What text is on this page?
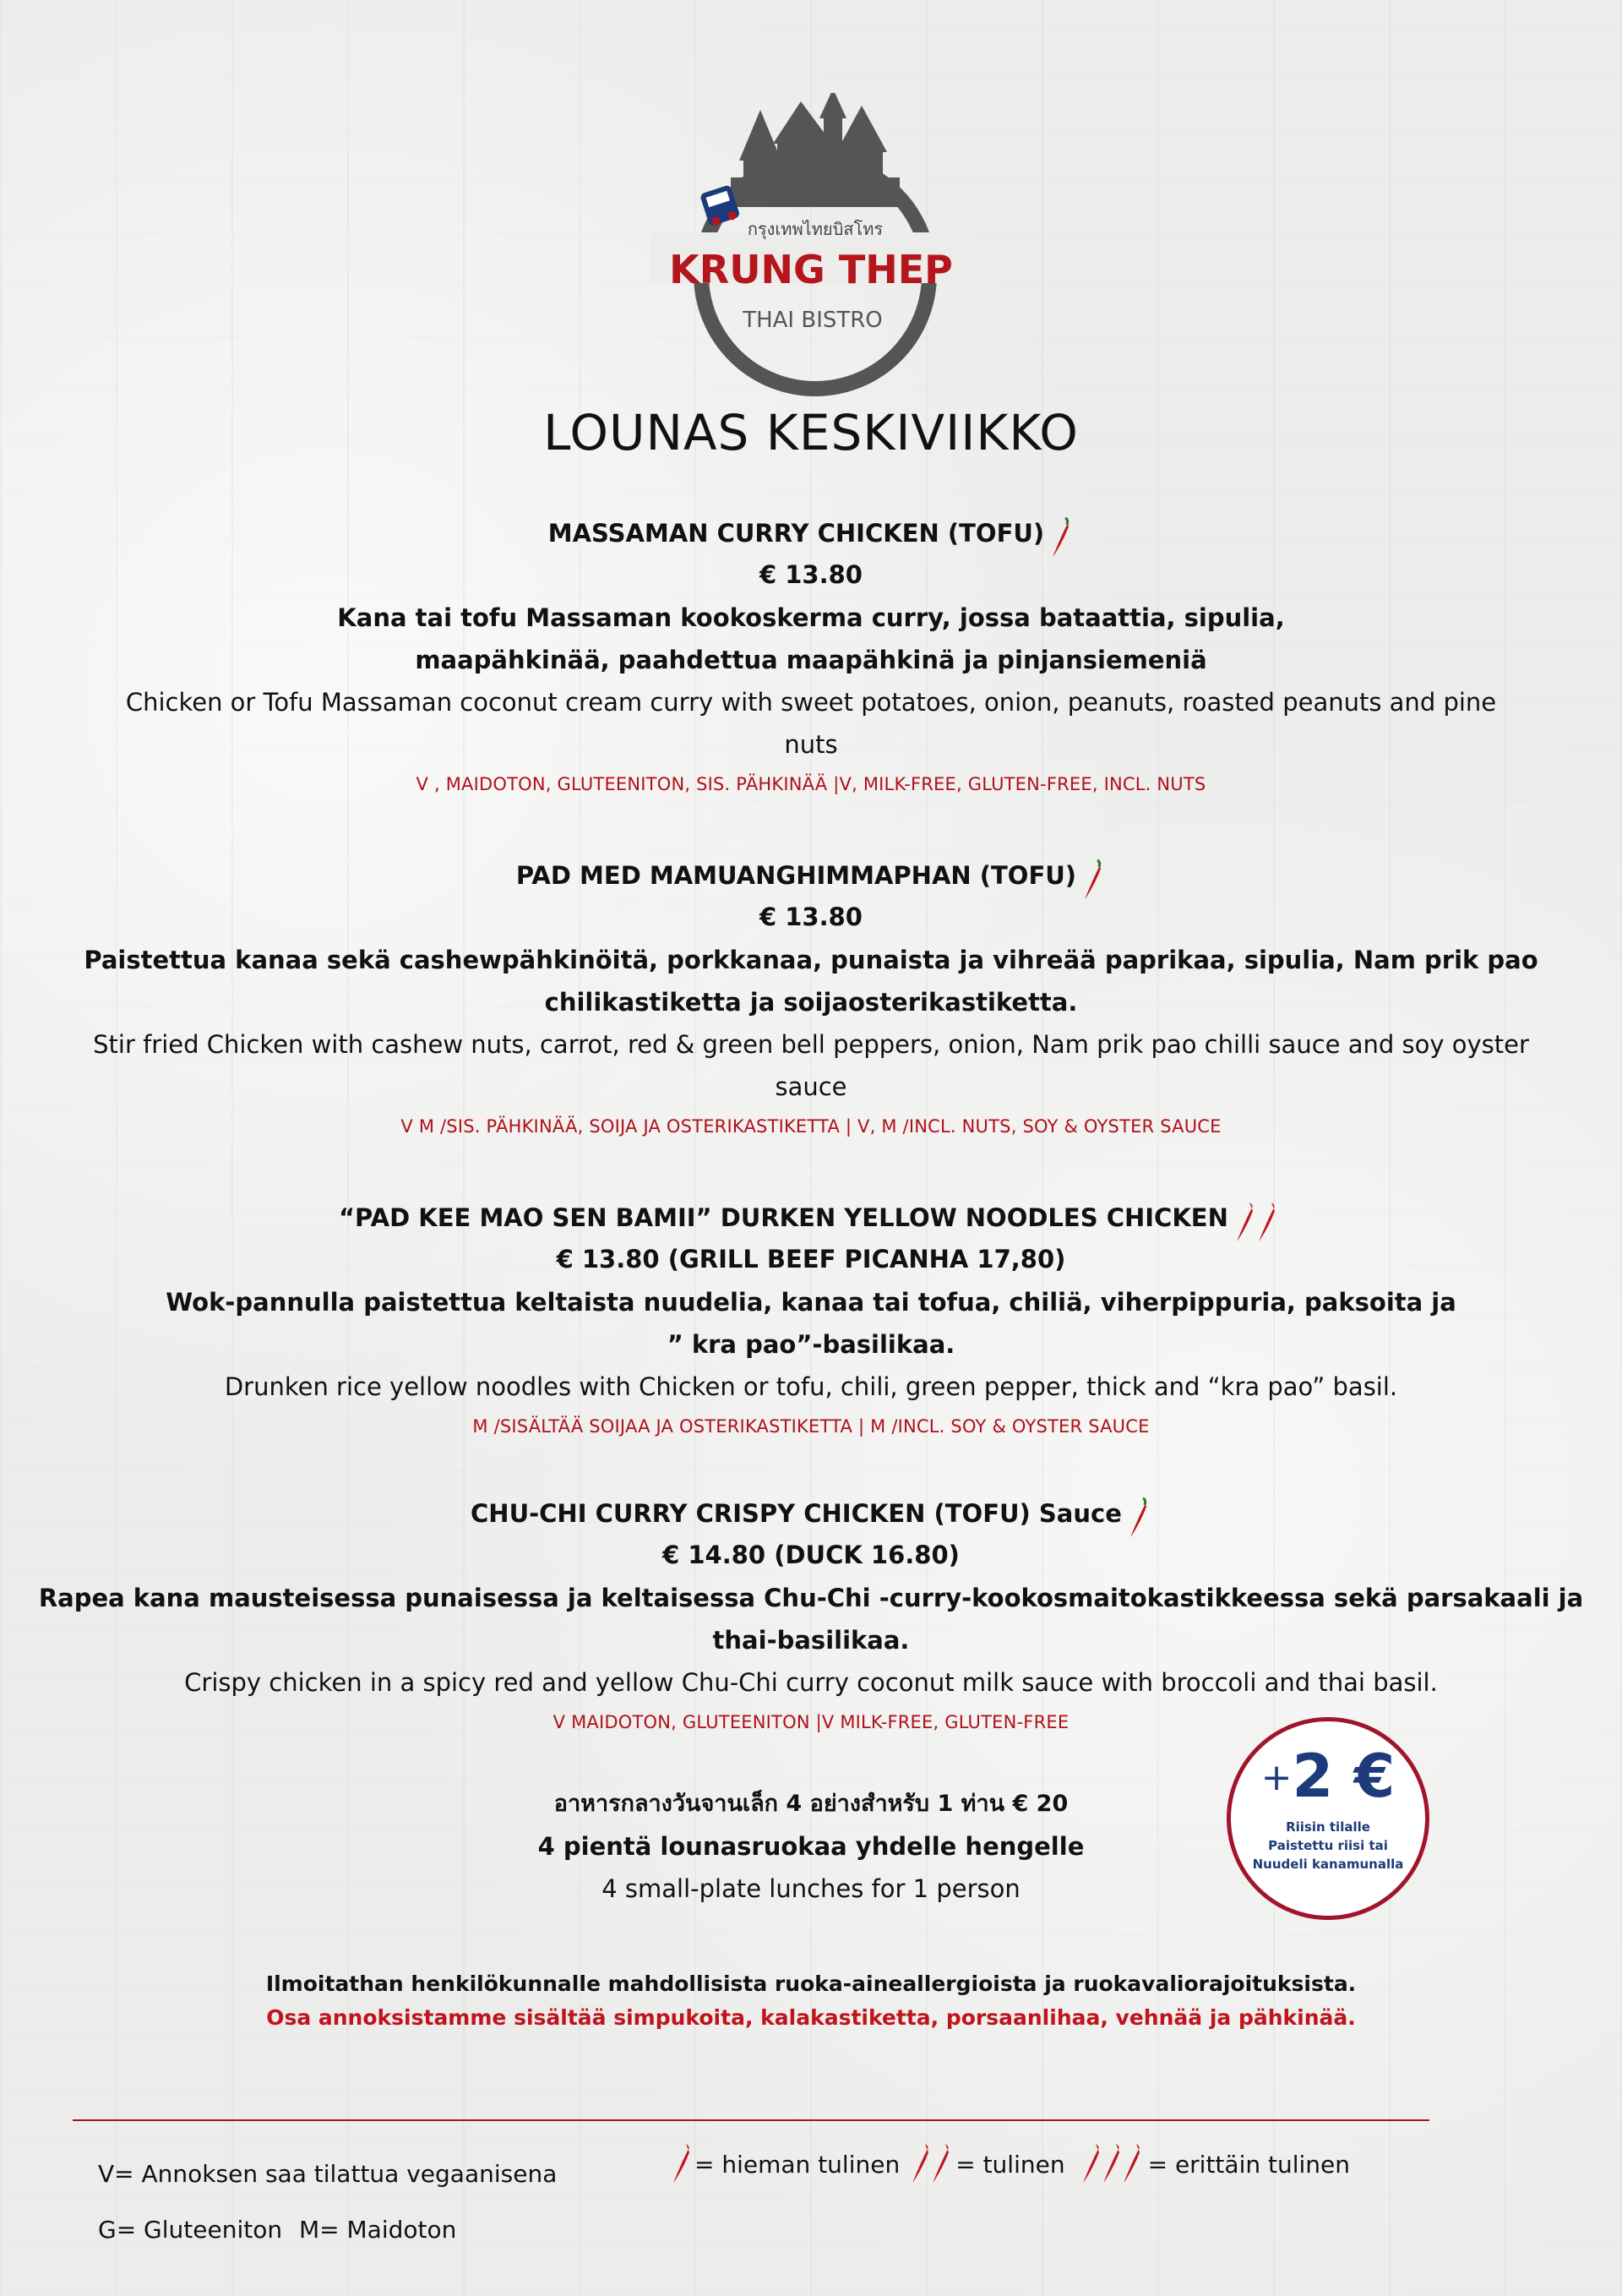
กรุงเทพไทยบิสโทร
KRUNG THEP
THAI BISTRO
LOUNAS KESKIVIIKKO
MASSAMAN CURRY CHICKEN (TOFU)
€ 13.80
Kana tai tofu Massaman kookoskerma curry, jossa bataattia, sipulia,
maapähkinää, paahdettua maapähkinä ja pinjansiemeniä
Chicken or Tofu Massaman coconut cream curry with sweet potatoes, onion, peanuts, roasted peanuts and pine
nuts
V , MAIDOTON, GLUTEENITON, SIS. PÄHKINÄÄ |V, MILK-FREE, GLUTEN-FREE, INCL. NUTS
PAD MED MAMUANGHIMMAPHAN (TOFU)
€ 13.80
Paistettua kanaa sekä cashewpähkinöitä, porkkanaa, punaista ja vihreää paprikaa, sipulia, Nam prik pao
chilikastiketta ja soijaosterikastiketta.
Stir fried Chicken with cashew nuts, carrot, red & green bell peppers, onion, Nam prik pao chilli sauce and soy oyster
sauce
V M /SIS. PÄHKINÄÄ, SOIJA JA OSTERIKASTIKETTA | V, M /INCL. NUTS, SOY & OYSTER SAUCE
“PAD KEE MAO SEN BAMII” DURKEN YELLOW NOODLES CHICKEN
€ 13.80 (GRILL BEEF PICANHA 17,80)
Wok-pannulla paistettua keltaista nuudelia, kanaa tai tofua, chiliä, viherpippuria, paksoita ja
” kra pao”-basilikaa.
Drunken rice yellow noodles with Chicken or tofu, chili, green pepper, thick and “kra pao” basil.
M /SISÄLTÄÄ SOIJAA JA OSTERIKASTIKETTA | M /INCL. SOY & OYSTER SAUCE
CHU-CHI CURRY CRISPY CHICKEN (TOFU) Sauce
€ 14.80 (DUCK 16.80)
Rapea kana mausteisessa punaisessa ja keltaisessa Chu-Chi -curry-kookosmaitokastikkeessa sekä parsakaali ja
thai-basilikaa.
Crispy chicken in a spicy red and yellow Chu-Chi curry coconut milk sauce with broccoli and thai basil.
V MAIDOTON, GLUTEENITON |V MILK-FREE, GLUTEN-FREE
อาหารกลางวันจานเล็ก 4 อย่างสำหรับ 1 ท่าน € 20
4 pientä lounasruokaa yhdelle hengelle
4 small-plate lunches for 1 person
+2 €
Riisin tilalle
Paistettu riisi tai
Nuudeli kanamunalla
Ilmoitathan henkilökunnalle mahdollisista ruoka-aineallergioista ja ruokavaliorajoituksista.
Osa annoksistamme sisältää simpukoita, kalakastiketta, porsaanlihaa, vehnää ja pähkinää.
V= Annoksen saa tilattua vegaanisena	= hieman tulinen = tulinen	= erittäin tulinen
G= Gluteeniton M= Maidoton
